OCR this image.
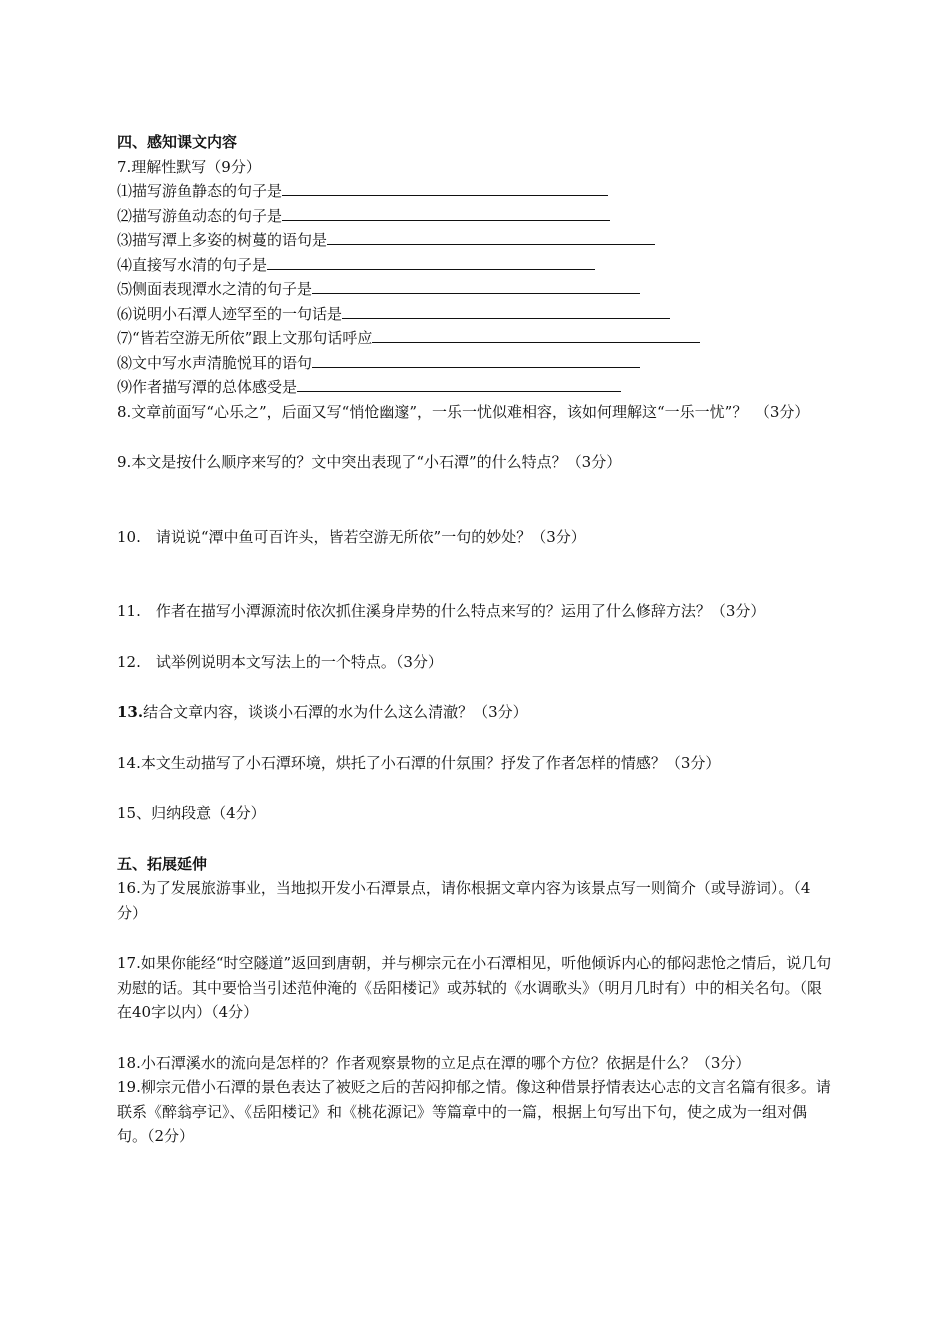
四、感知课文内容
7.理解性默写（9分）
⑴描写游鱼静态的句子是
⑵描写游鱼动态的句子是
⑶描写潭上多姿的树蔓的语句是
⑷直接写水清的句子是
⑸侧面表现潭水之清的句子是
⑹说明小石潭人迹罕至的一句话是
⑺“皆若空游无所依”跟上文那句话呼应
⑻文中写水声清脆悦耳的语句
⑼作者描写潭的总体感受是
8.文章前面写“心乐之”，后面又写“悄怆幽邃”，一乐一忧似难相容，该如何理解这“一乐一忧”？　（3分）
9.本文是按什么顺序来写的？文中突出表现了“小石潭”的什么特点？（3分）
10.　请说说“潭中鱼可百许头，皆若空游无所依”一句的妙处？（3分）
11.　作者在描写小潭源流时依次抓住溪身岸势的什么特点来写的？运用了什么修辞方法？（3分）
12.　试举例说明本文写法上的一个特点。（3分）
13.结合文章内容，谈谈小石潭的水为什么这么清澈？（3分）
14.本文生动描写了小石潭环境，烘托了小石潭的什氛围？抒发了作者怎样的情感？（3分）
15、归纳段意（4分）
五、拓展延伸
16.为了发展旅游事业，当地拟开发小石潭景点，请你根据文章内容为该景点写一则简介（或导游词）。（4分）
17.如果你能经“时空隧道”返回到唐朝，并与柳宗元在小石潭相见，听他倾诉内心的郁闷悲怆之情后，说几句劝慰的话。其中要恰当引述范仲淹的《岳阳楼记》或苏轼的《水调歌头》（明月几时有）中的相关名句。（限在40字以内）（4分）
18.小石潭溪水的流向是怎样的？作者观察景物的立足点在潭的哪个方位？依据是什么？（3分）
19.柳宗元借小石潭的景色表达了被贬之后的苦闷抑郁之情。像这种借景抒情表达心志的文言名篇有很多。请联系《醉翁亭记》、《岳阳楼记》和《桃花源记》等篇章中的一篇，根据上句写出下句，使之成为一组对偶句。（2分）
